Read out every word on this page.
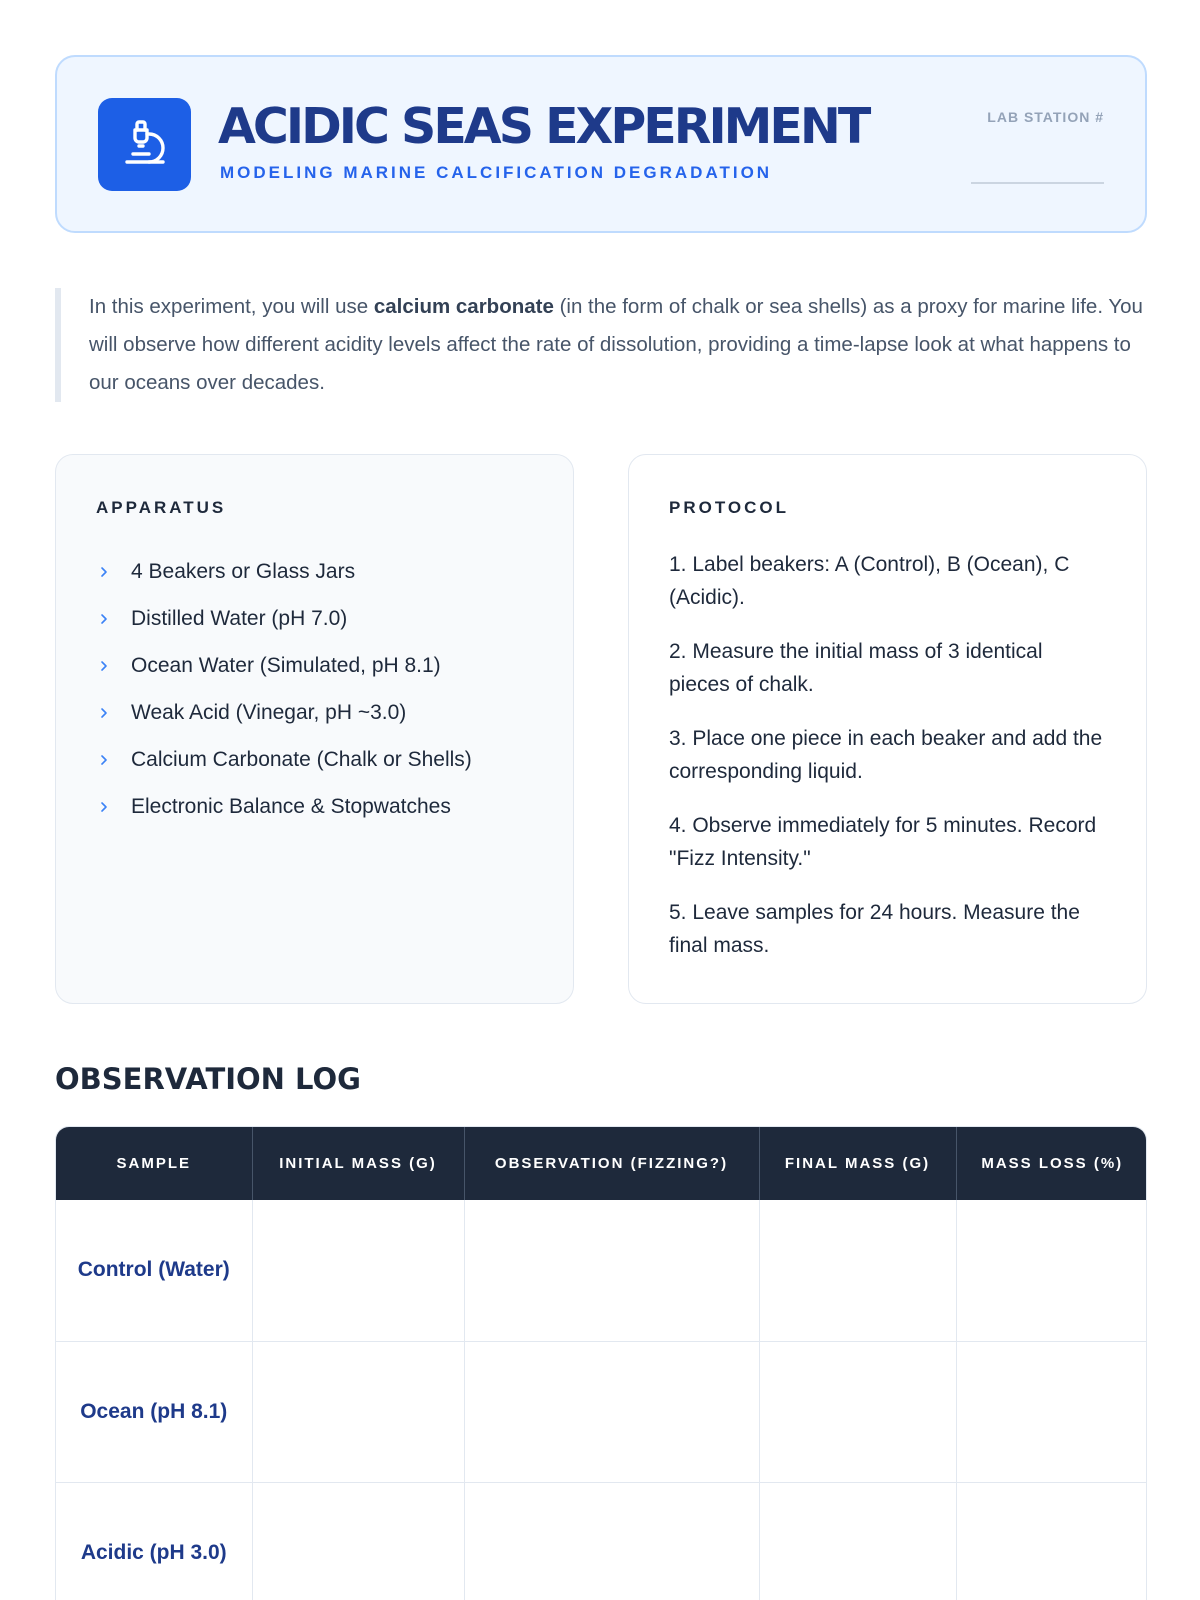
ACIDIC SEAS EXPERIMENT
MODELING MARINE CALCIFICATION DEGRADATION
LAB STATION #

In this experiment, you will use calcium carbonate (in the form of chalk or sea shells) as a proxy for marine life. You will observe how different acidity levels affect the rate of dissolution, providing a time-lapse look at what happens to our oceans over decades.

APPARATUS
4 Beakers or Glass Jars
Distilled Water (pH 7.0)
Ocean Water (Simulated, pH 8.1)
Weak Acid (Vinegar, pH ~3.0)
Calcium Carbonate (Chalk or Shells)
Electronic Balance & Stopwatches
PROTOCOL
1. Label beakers: A (Control), B (Ocean), C (Acidic).
2. Measure the initial mass of 3 identical pieces of chalk.
3. Place one piece in each beaker and add the corresponding liquid.
4. Observe immediately for 5 minutes. Record "Fizz Intensity."
5. Leave samples for 24 hours. Measure the final mass.
OBSERVATION LOG
SAMPLE	INITIAL MASS (G)	OBSERVATION (FIZZING?)	FINAL MASS (G)	MASS LOSS (%)
Control (Water)				
Ocean (pH 8.1)				
Acidic (pH 3.0)				
